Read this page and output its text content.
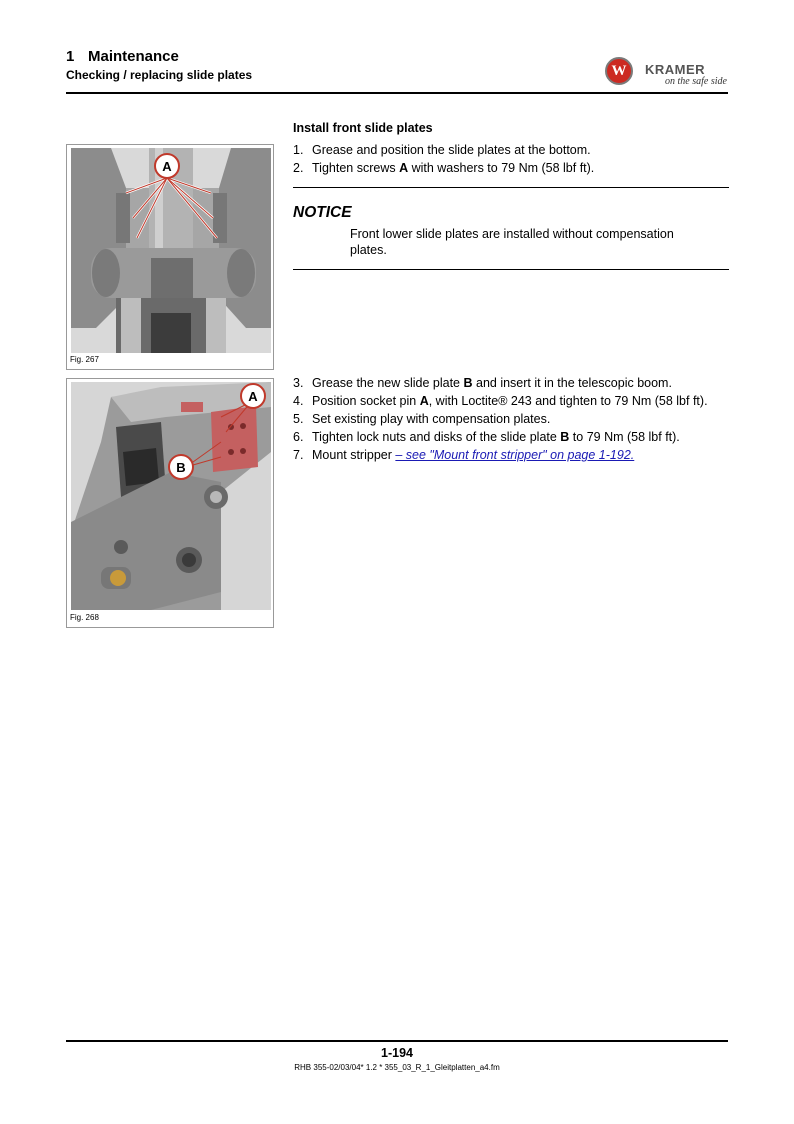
1 Maintenance
Checking / replacing slide plates	W	KRAMER
on the safe side
A
Fig. 267
A
B
Fig. 268
Install front slide plates
1. Grease and position the slide plates at the bottom.
2. Tighten screws A with washers to 79 Nm (58 lbf ft).
NOTICE
Front lower slide plates are installed without compensation plates.
3. Grease the new slide plate B and insert it in the telescopic boom.
4. Position socket pin A, with Loctite® 243 and tighten to 79 Nm (58 lbf ft).
5. Set existing play with compensation plates.
6. Tighten lock nuts and disks of the slide plate B to 79 Nm (58 lbf ft).
7. Mount stripper – see "Mount front stripper" on page 1-192.
1-194
RHB 355-02/03/04* 1.2 * 355_03_R_1_Gleitplatten_a4.fm
